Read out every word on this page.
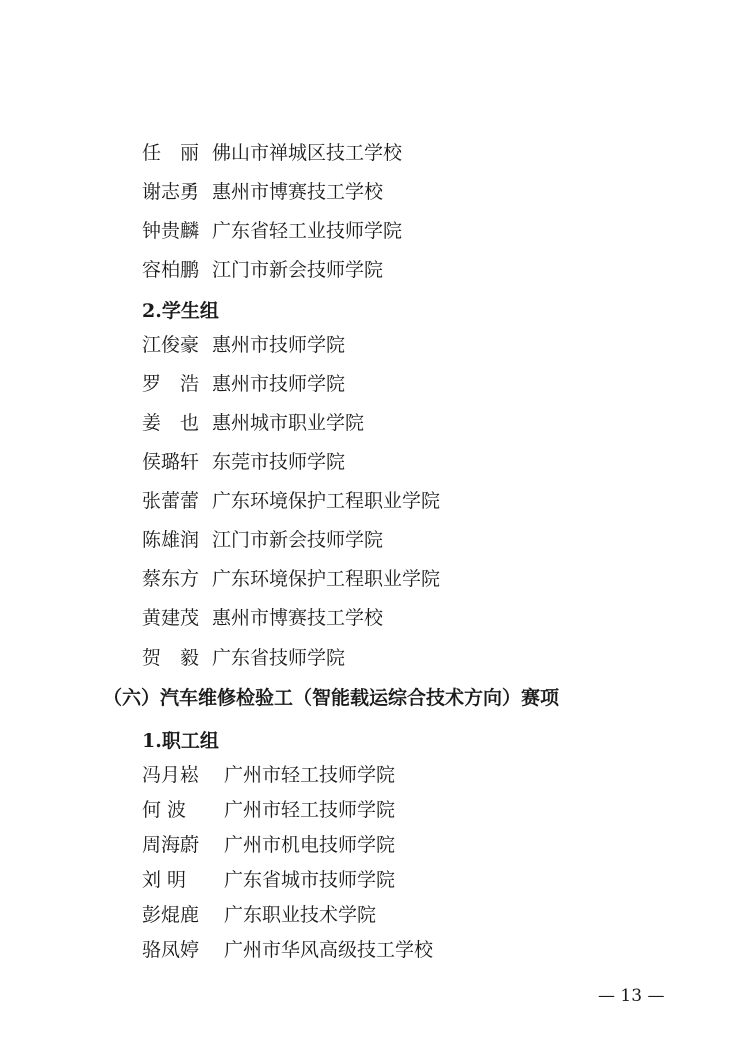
任　丽 佛山市禅城区技工学校
谢志勇 惠州市博赛技工学校
钟贵麟 广东省轻工业技师学院
容柏鹏 江门市新会技师学院
2.学生组
江俊豪 惠州市技师学院
罗　浩 惠州市技师学院
姜　也 惠州城市职业学院
侯璐轩 东莞市技师学院
张蕾蕾 广东环境保护工程职业学院
陈雄润 江门市新会技师学院
蔡东方 广东环境保护工程职业学院
黄建茂 惠州市博赛技工学校
贺　毅 广东省技师学院
（六）汽车维修检验工（智能载运综合技术方向）赛项
1.职工组
冯月崧 广州市轻工技师学院
何 波 广州市轻工技师学院
周海蔚 广州市机电技师学院
刘 明 广东省城市技师学院
彭焜鹿 广东职业技术学院
骆凤婷 广州市华风高级技工学校
— 13 —
